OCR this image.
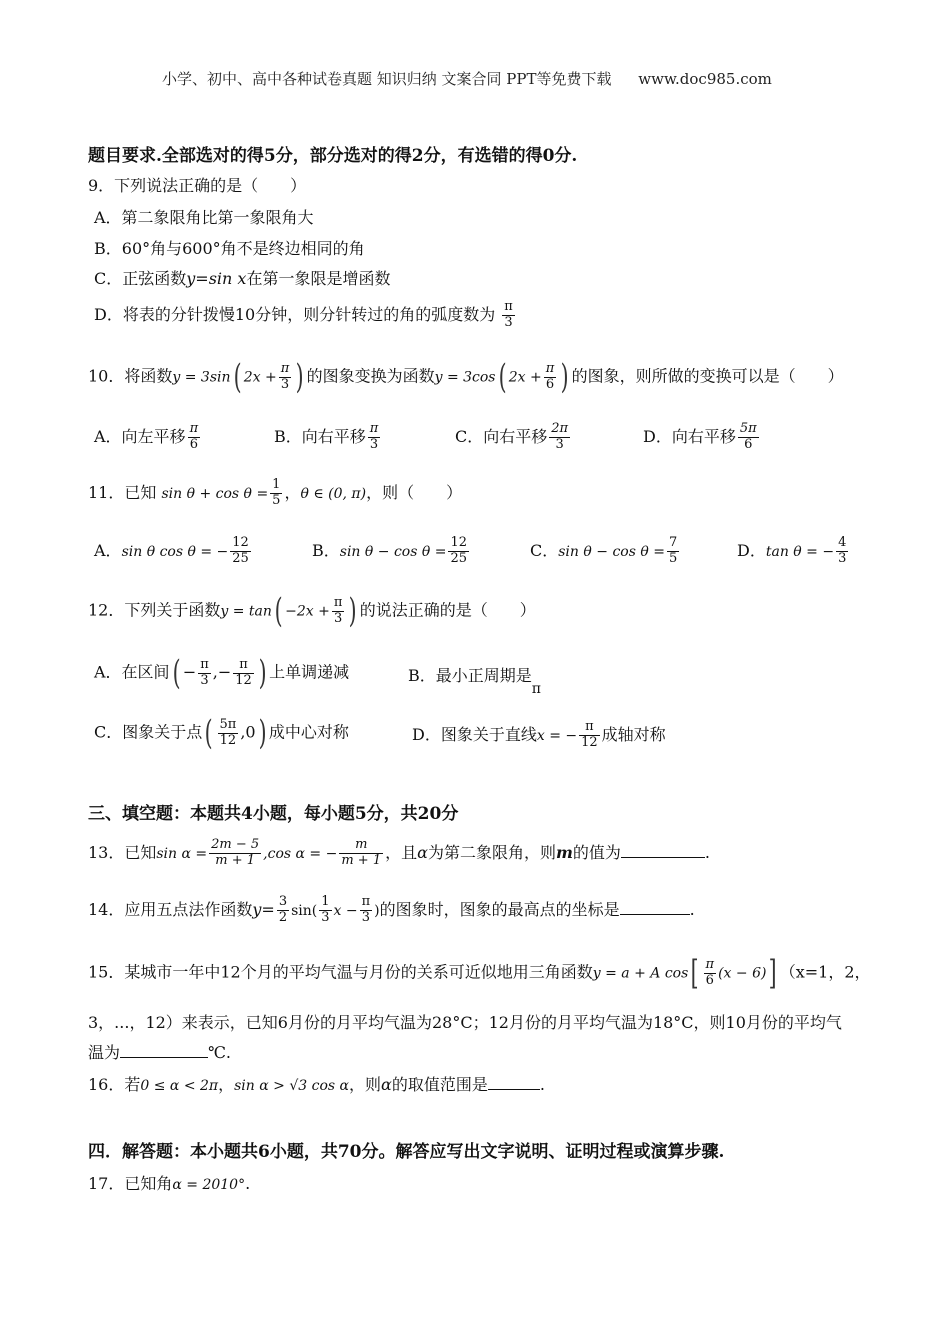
小学、初中、高中各种试卷真题 知识归纳 文案合同 PPT等免费下载 www.doc985.com
题目要求.全部选对的得5分，部分选对的得2分，有选错的得0分.
9．下列说法正确的是（　　）
A．第二象限角比第一象限角大
B．60°角与600°角不是终边相同的角
C．正弦函数y=sin x在第一象限是增函数
D．将表的分针拨慢10分钟，则分针转过的角的弧度数为 $\frac{\pi}{3}$
10．将函数y = 3sin( $2x + \frac{\pi}{3}$ ) 的图象变换为函数y = 3cos( $2x + \frac{\pi}{6}$ ) 的图象，则所做的变换可以是（　　）
A．向左平移 $\frac{\pi}{6}$	B．向右平移 $\frac{\pi}{3}$	C．向右平移 $\frac{2\pi}{3}$	D．向右平移 $\frac{5\pi}{6}$
11．已知 $\sin \theta + \cos \theta = \frac{1}{5}$ ，θ ∈ (0, π)，则（　　）
A．sin θ cos θ = − $\frac{12}{25}$	B．$\sin \theta - \cos \theta = \frac{12}{25}$	C．$\sin \theta - \cos \theta = \frac{7}{5}$	D．tan θ = − $\frac{4}{3}$
12．下列关于函数$y = \tan( -2x + \frac{\pi}{3}$ ) 的说法正确的是（　　）
A．在区间( − $\frac{\pi}{3}$ ,− $\frac{\pi}{12}$ ) 上单调递减	B．最小正周期是π
C．图象关于点( $\frac{5\pi}{12} ,0$) 成中心对称	D．图象关于直线x = − $\frac{\pi}{12}$ 成轴对称
三、填空题：本题共4小题，每小题5分，共20分
13．已知$\sin \alpha = \frac{2m - 5}{m + 1} ,\cos$ α = − $\frac{m}{m + 1}$ ，且α为第二象限角，则m的值为	.
14．应用五点法作函数$y= \frac{3}{2} \sin( \frac{1}{3}$ $x - \frac{\pi}{3}$ )的图象时，图象的最高点的坐标是	.
15．某城市一年中12个月的平均气温与月份的关系可近似地用三角函数y = a + A $\cos[ \frac{\pi}{6} (x - 6)]$ （x=1，2，
3，...，12）来表示，已知6月份的月平均气温为28°C；12月份的月平均气温为18°C，则10月份的平均气
温为	℃.
16．若0 ≤ α < 2π，sin α > √3 cos α，则α的取值范围是	.
四．解答题：本小题共6小题，共70分。解答应写出文字说明、证明过程或演算步骤.
17．已知角α = 2010°.
